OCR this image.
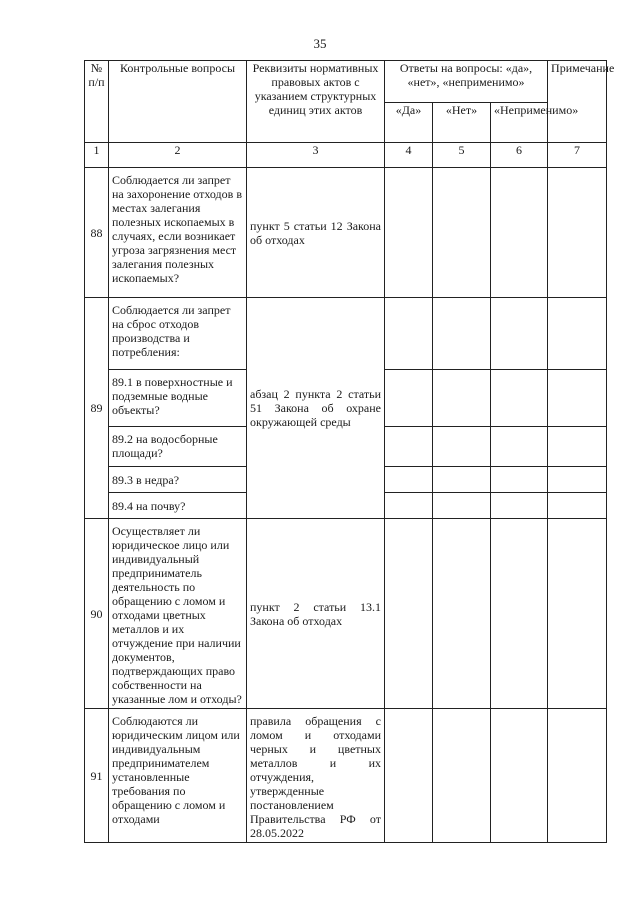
35
№ п/п	Контрольные вопросы	Реквизиты нормативных правовых актов с указанием структурных единиц этих актов	Ответы на вопросы: «да», «нет», «неприменимо»			Примечание
			«Да»	«Нет»	«Неприменимо»	
1	2	3	4	5	6	7
88	Соблюдается ли запрет на захоронение отходов в местах залегания полезных ископаемых в случаях, если возникает угроза загрязнения мест залегания полезных ископаемых?	пункт 5 статьи 12 Закона об отходах				
89	Соблюдается ли запрет на сброс отходов производства и потребления:	абзац 2 пункта 2 статьи 51 Закона об охране окружающей среды				
	89.1 в поверхностные и подземные водные объекты?					
	89.2 на водосборные площади?					
	89.3 в недра?					
	89.4 на почву?					
90	Осуществляет ли юридическое лицо или индивидуальный предприниматель деятельность по обращению с ломом и отходами цветных металлов и их отчуждение при наличии документов, подтверждающих право собственности на указанные лом и отходы?	пункт 2 статьи 13.1 Закона об отходах				
91	Соблюдаются ли юридическим лицом или индивидуальным предпринимателем установленные требования по обращению с ломом и отходами	правила обращения с ломом и отходами черных и цветных металлов и их отчуждения, утвержденные постановлением Правительства РФ от 28.05.2022				
